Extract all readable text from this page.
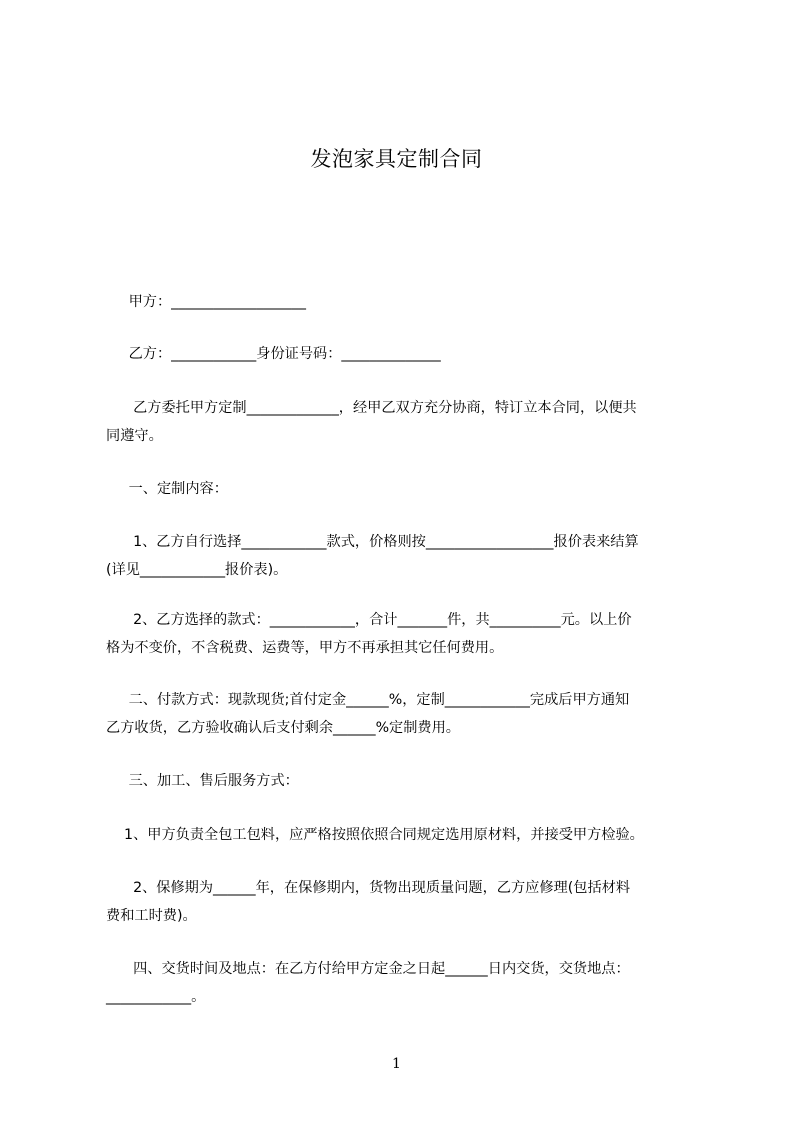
发泡家具定制合同
甲方：___________________
乙方：____________身份证号码：______________
乙方委托甲方定制_____________，经甲乙双方充分协商，特订立本合同，以便共
同遵守。
一、定制内容：
1、乙方自行选择____________款式，价格则按__________________报价表来结算
(详见____________报价表)。
2、乙方选择的款式：____________，合计_______件，共__________元。以上价
格为不变价，不含税费、运费等，甲方不再承担其它任何费用。
二、付款方式：现款现货;首付定金______%，定制____________完成后甲方通知
乙方收货，乙方验收确认后支付剩余______%定制费用。
三、加工、售后服务方式：
1、甲方负责全包工包料，应严格按照依照合同规定选用原材料，并接受甲方检验。
2、保修期为______年，在保修期内，货物出现质量问题，乙方应修理(包括材料
费和工时费)。
四、交货时间及地点：在乙方付给甲方定金之日起______日内交货，交货地点：
____________。
1
